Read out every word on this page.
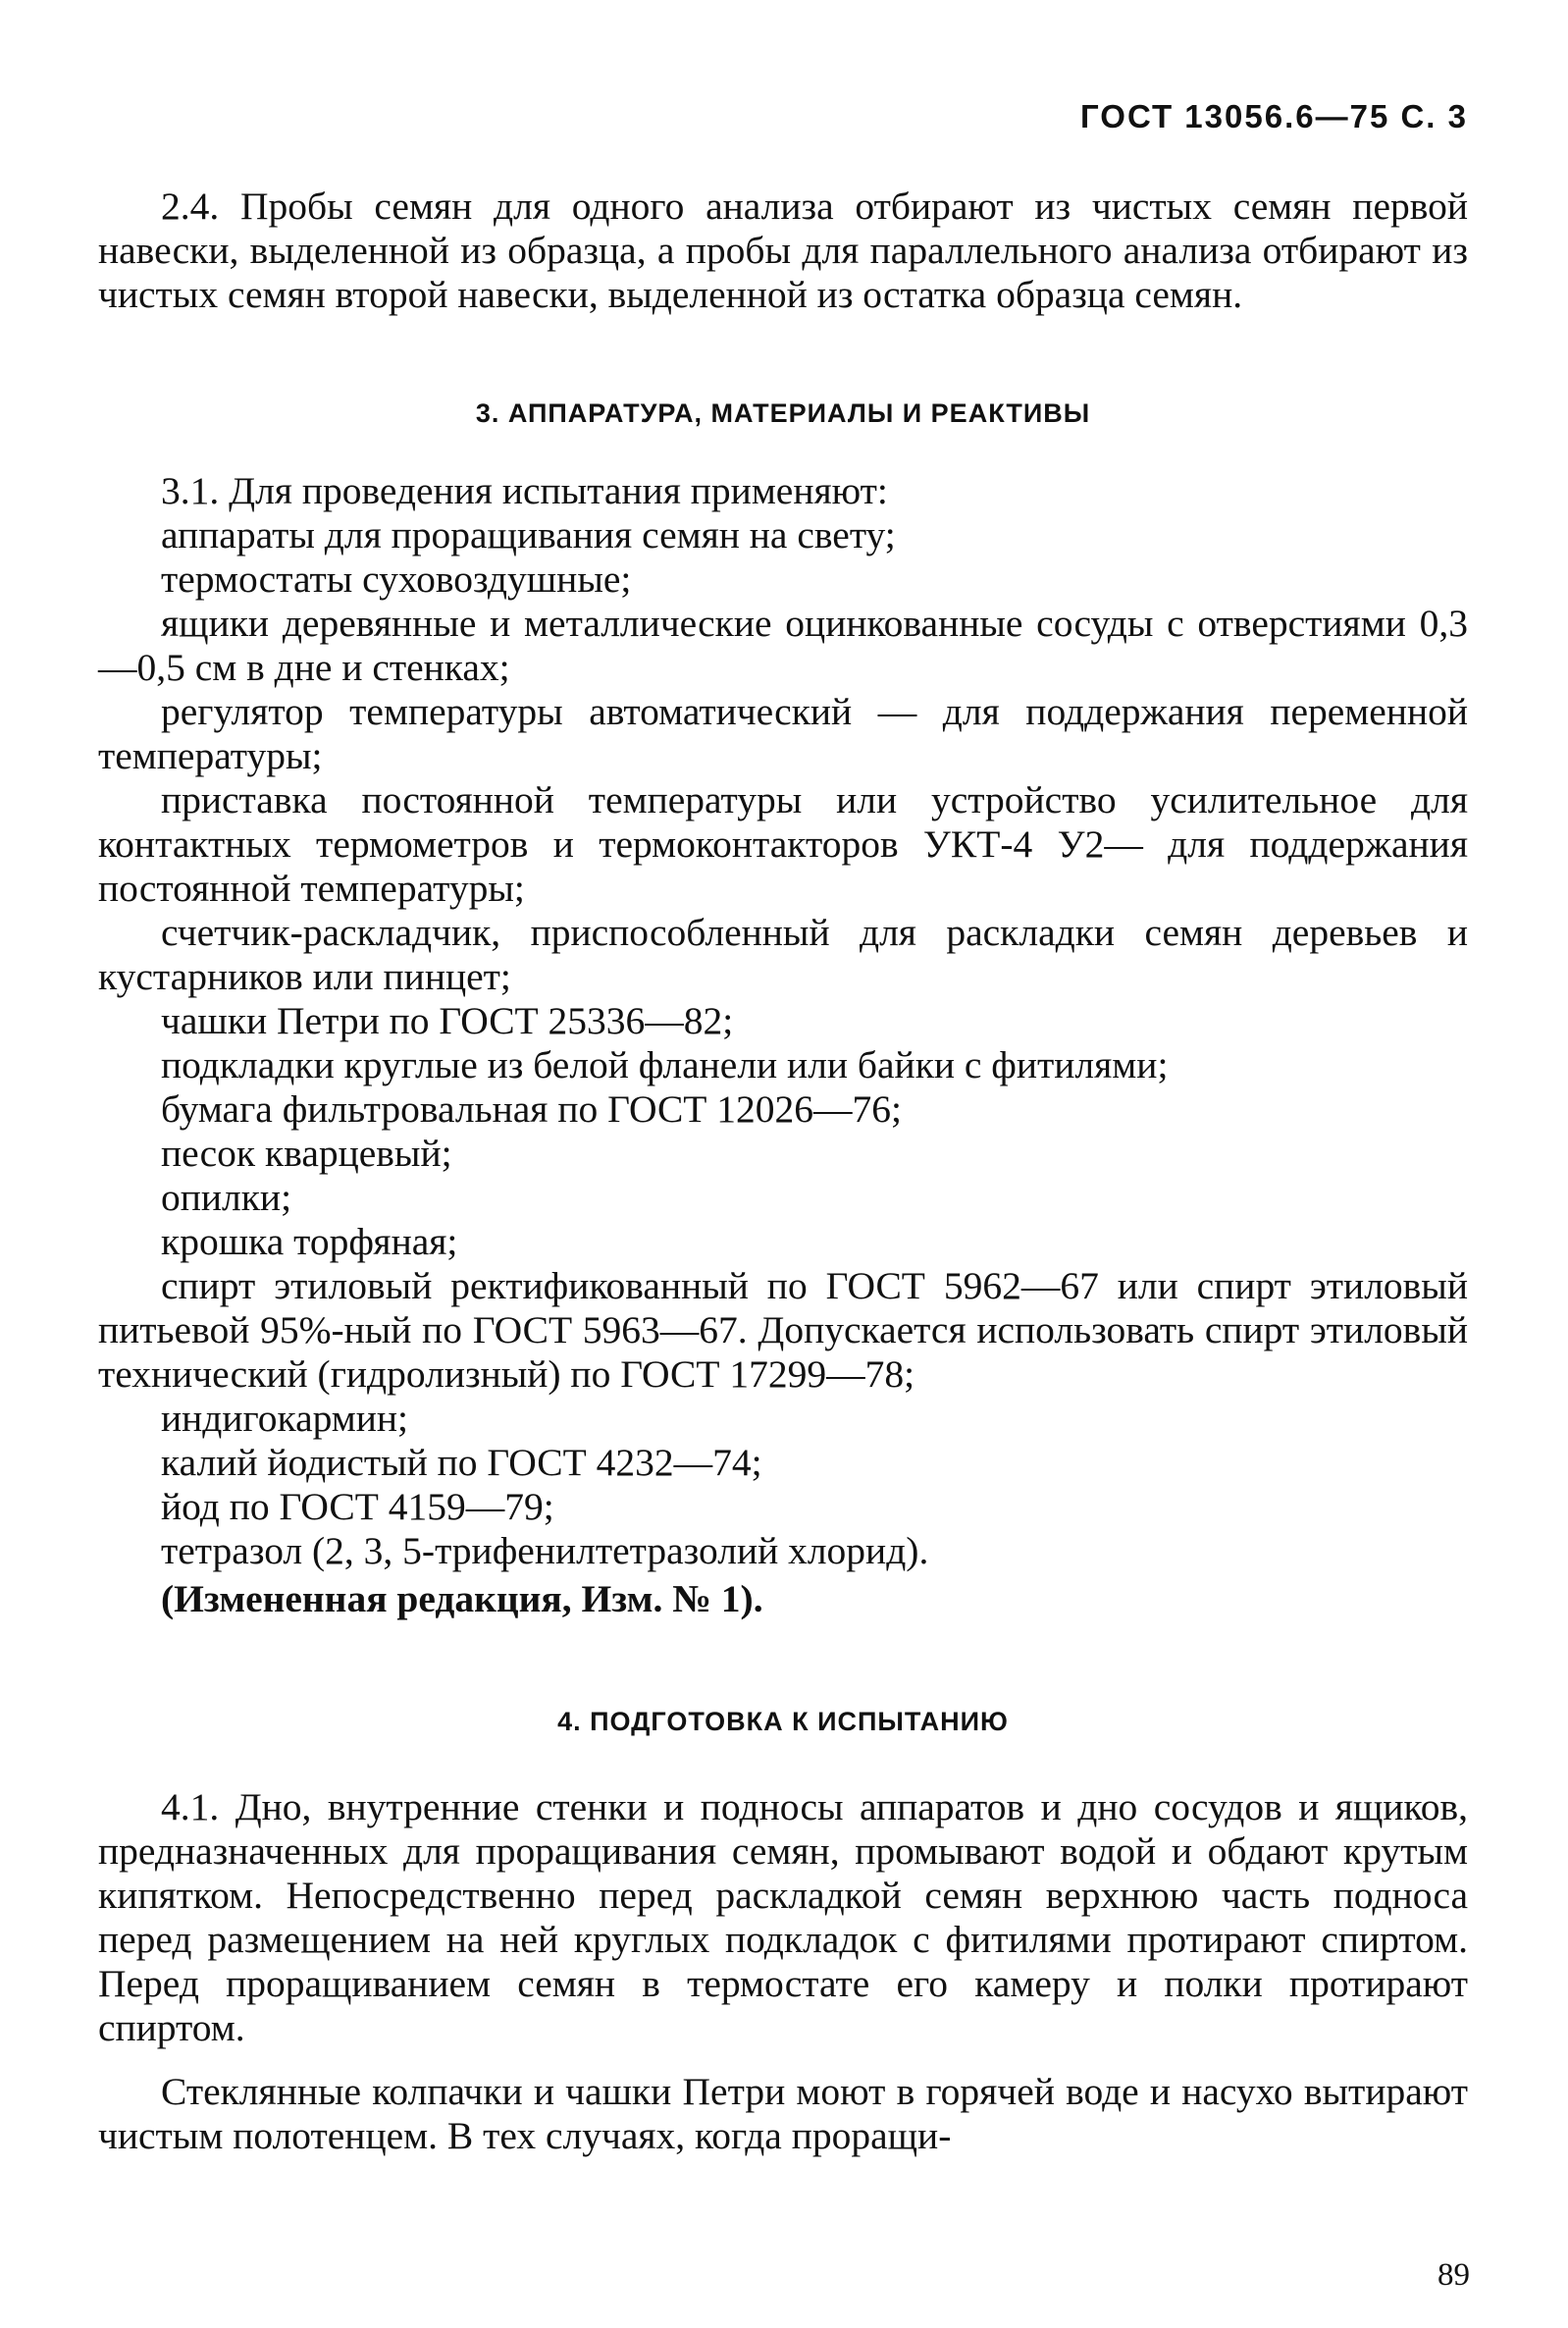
ГОСТ 13056.6—75 С. 3

2.4. Пробы семян для одного анализа отбирают из чистых семян первой навески, выделенной из образца, а пробы для параллельного анализа отбирают из чистых семян второй навески, выделенной из остатка образца семян.

3. АППАРАТУРА, МАТЕРИАЛЫ И РЕАКТИВЫ

3.1. Для проведения испытания применяют:

аппараты для проращивания семян на свету;

термостаты суховоздушные;

ящики деревянные и металлические оцинкованные сосуды с отверстиями 0,3—0,5 см в дне и стенках;

регулятор температуры автоматический — для поддержания переменной температуры;

приставка постоянной температуры или устройство усилительное для контактных термометров и термоконтакторов УКТ-4 У2— для поддержания постоянной температуры;

счетчик-раскладчик, приспособленный для раскладки семян деревьев и кустарников или пинцет;

чашки Петри по ГОСТ 25336—82;

подкладки круглые из белой фланели или байки с фитилями;

бумага фильтровальная по ГОСТ 12026—76;

песок кварцевый;

опилки;

крошка торфяная;

спирт этиловый ректификованный по ГОСТ 5962—67 или спирт этиловый питьевой 95%-ный по ГОСТ 5963—67. Допускается использовать спирт этиловый технический (гидролизный) по ГОСТ 17299—78;

индигокармин;

калий йодистый по ГОСТ 4232—74;

йод по ГОСТ 4159—79;

тетразол (2, 3, 5-трифенилтетразолий хлорид).

(Измененная редакция, Изм. № 1).

4. ПОДГОТОВКА К ИСПЫТАНИЮ

4.1. Дно, внутренние стенки и подносы аппаратов и дно сосудов и ящиков, предназначенных для проращивания семян, промывают водой и обдают крутым кипятком. Непосредственно перед раскладкой семян верхнюю часть подноса перед размещением на ней круглых подкладок с фитилями протирают спиртом. Перед проращиванием семян в термостате его камеру и полки протирают спиртом.

Стеклянные колпачки и чашки Петри моют в горячей воде и насухо вытирают чистым полотенцем. В тех случаях, когда проращи-

89
